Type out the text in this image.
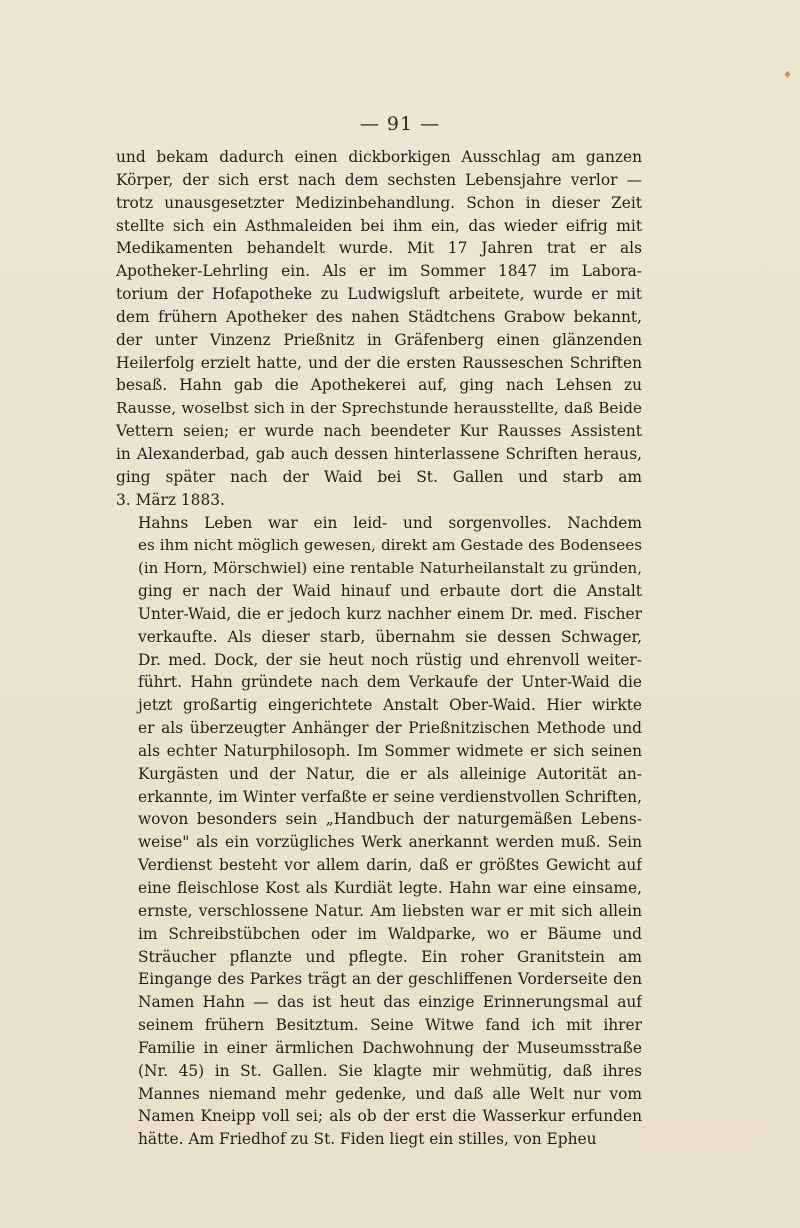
♦
— 91 —
und bekam dadurch einen dickborkigen Ausschlag am ganzen
Körper, der sich erst nach dem sechsten Lebensjahre verlor —
trotz unausgesetzter Medizinbehandlung. Schon in dieser Zeit
stellte sich ein Asthmaleiden bei ihm ein, das wieder eifrig mit
Medikamenten behandelt wurde. Mit 17 Jahren trat er als
Apotheker-Lehrling ein. Als er im Sommer 1847 im Labora-
torium der Hofapotheke zu Ludwigsluft arbeitete, wurde er mit
dem frühern Apotheker des nahen Städtchens Grabow bekannt,
der unter Vinzenz Prießnitz in Gräfenberg einen glänzenden
Heilerfolg erzielt hatte, und der die ersten Rausseschen Schriften
besaß. Hahn gab die Apothekerei auf, ging nach Lehsen zu
Rausse, woselbst sich in der Sprechstunde herausstellte, daß Beide
Vettern seien; er wurde nach beendeter Kur Rausses Assistent
in Alexanderbad, gab auch dessen hinterlassene Schriften heraus,
ging später nach der Waid bei St. Gallen und starb am
3. März 1883.
Hahns Leben war ein leid- und sorgenvolles. Nachdem
es ihm nicht möglich gewesen, direkt am Gestade des Bodensees
(in Horn, Mörschwiel) eine rentable Naturheilanstalt zu gründen,
ging er nach der Waid hinauf und erbaute dort die Anstalt
Unter-Waid, die er jedoch kurz nachher einem Dr. med. Fischer
verkaufte. Als dieser starb, übernahm sie dessen Schwager,
Dr. med. Dock, der sie heut noch rüstig und ehrenvoll weiter-
führt. Hahn gründete nach dem Verkaufe der Unter-Waid die
jetzt großartig eingerichtete Anstalt Ober-Waid. Hier wirkte
er als überzeugter Anhänger der Prießnitzischen Methode und
als echter Naturphilosoph. Im Sommer widmete er sich seinen
Kurgästen und der Natur, die er als alleinige Autorität an-
erkannte, im Winter verfaßte er seine verdienstvollen Schriften,
wovon besonders sein „Handbuch der naturgemäßen Lebens-
weise" als ein vorzügliches Werk anerkannt werden muß. Sein
Verdienst besteht vor allem darin, daß er größtes Gewicht auf
eine fleischlose Kost als Kurdiät legte. Hahn war eine einsame,
ernste, verschlossene Natur. Am liebsten war er mit sich allein
im Schreibstübchen oder im Waldparke, wo er Bäume und
Sträucher pflanzte und pflegte. Ein roher Granitstein am
Eingange des Parkes trägt an der geschliffenen Vorderseite den
Namen Hahn — das ist heut das einzige Erinnerungsmal auf
seinem frühern Besitztum. Seine Witwe fand ich mit ihrer
Familie in einer ärmlichen Dachwohnung der Museumsstraße
(Nr. 45) in St. Gallen. Sie klagte mir wehmütig, daß ihres
Mannes niemand mehr gedenke, und daß alle Welt nur vom
Namen Kneipp voll sei; als ob der erst die Wasserkur erfunden
hätte. Am Friedhof zu St. Fiden liegt ein stilles, von Epheu
